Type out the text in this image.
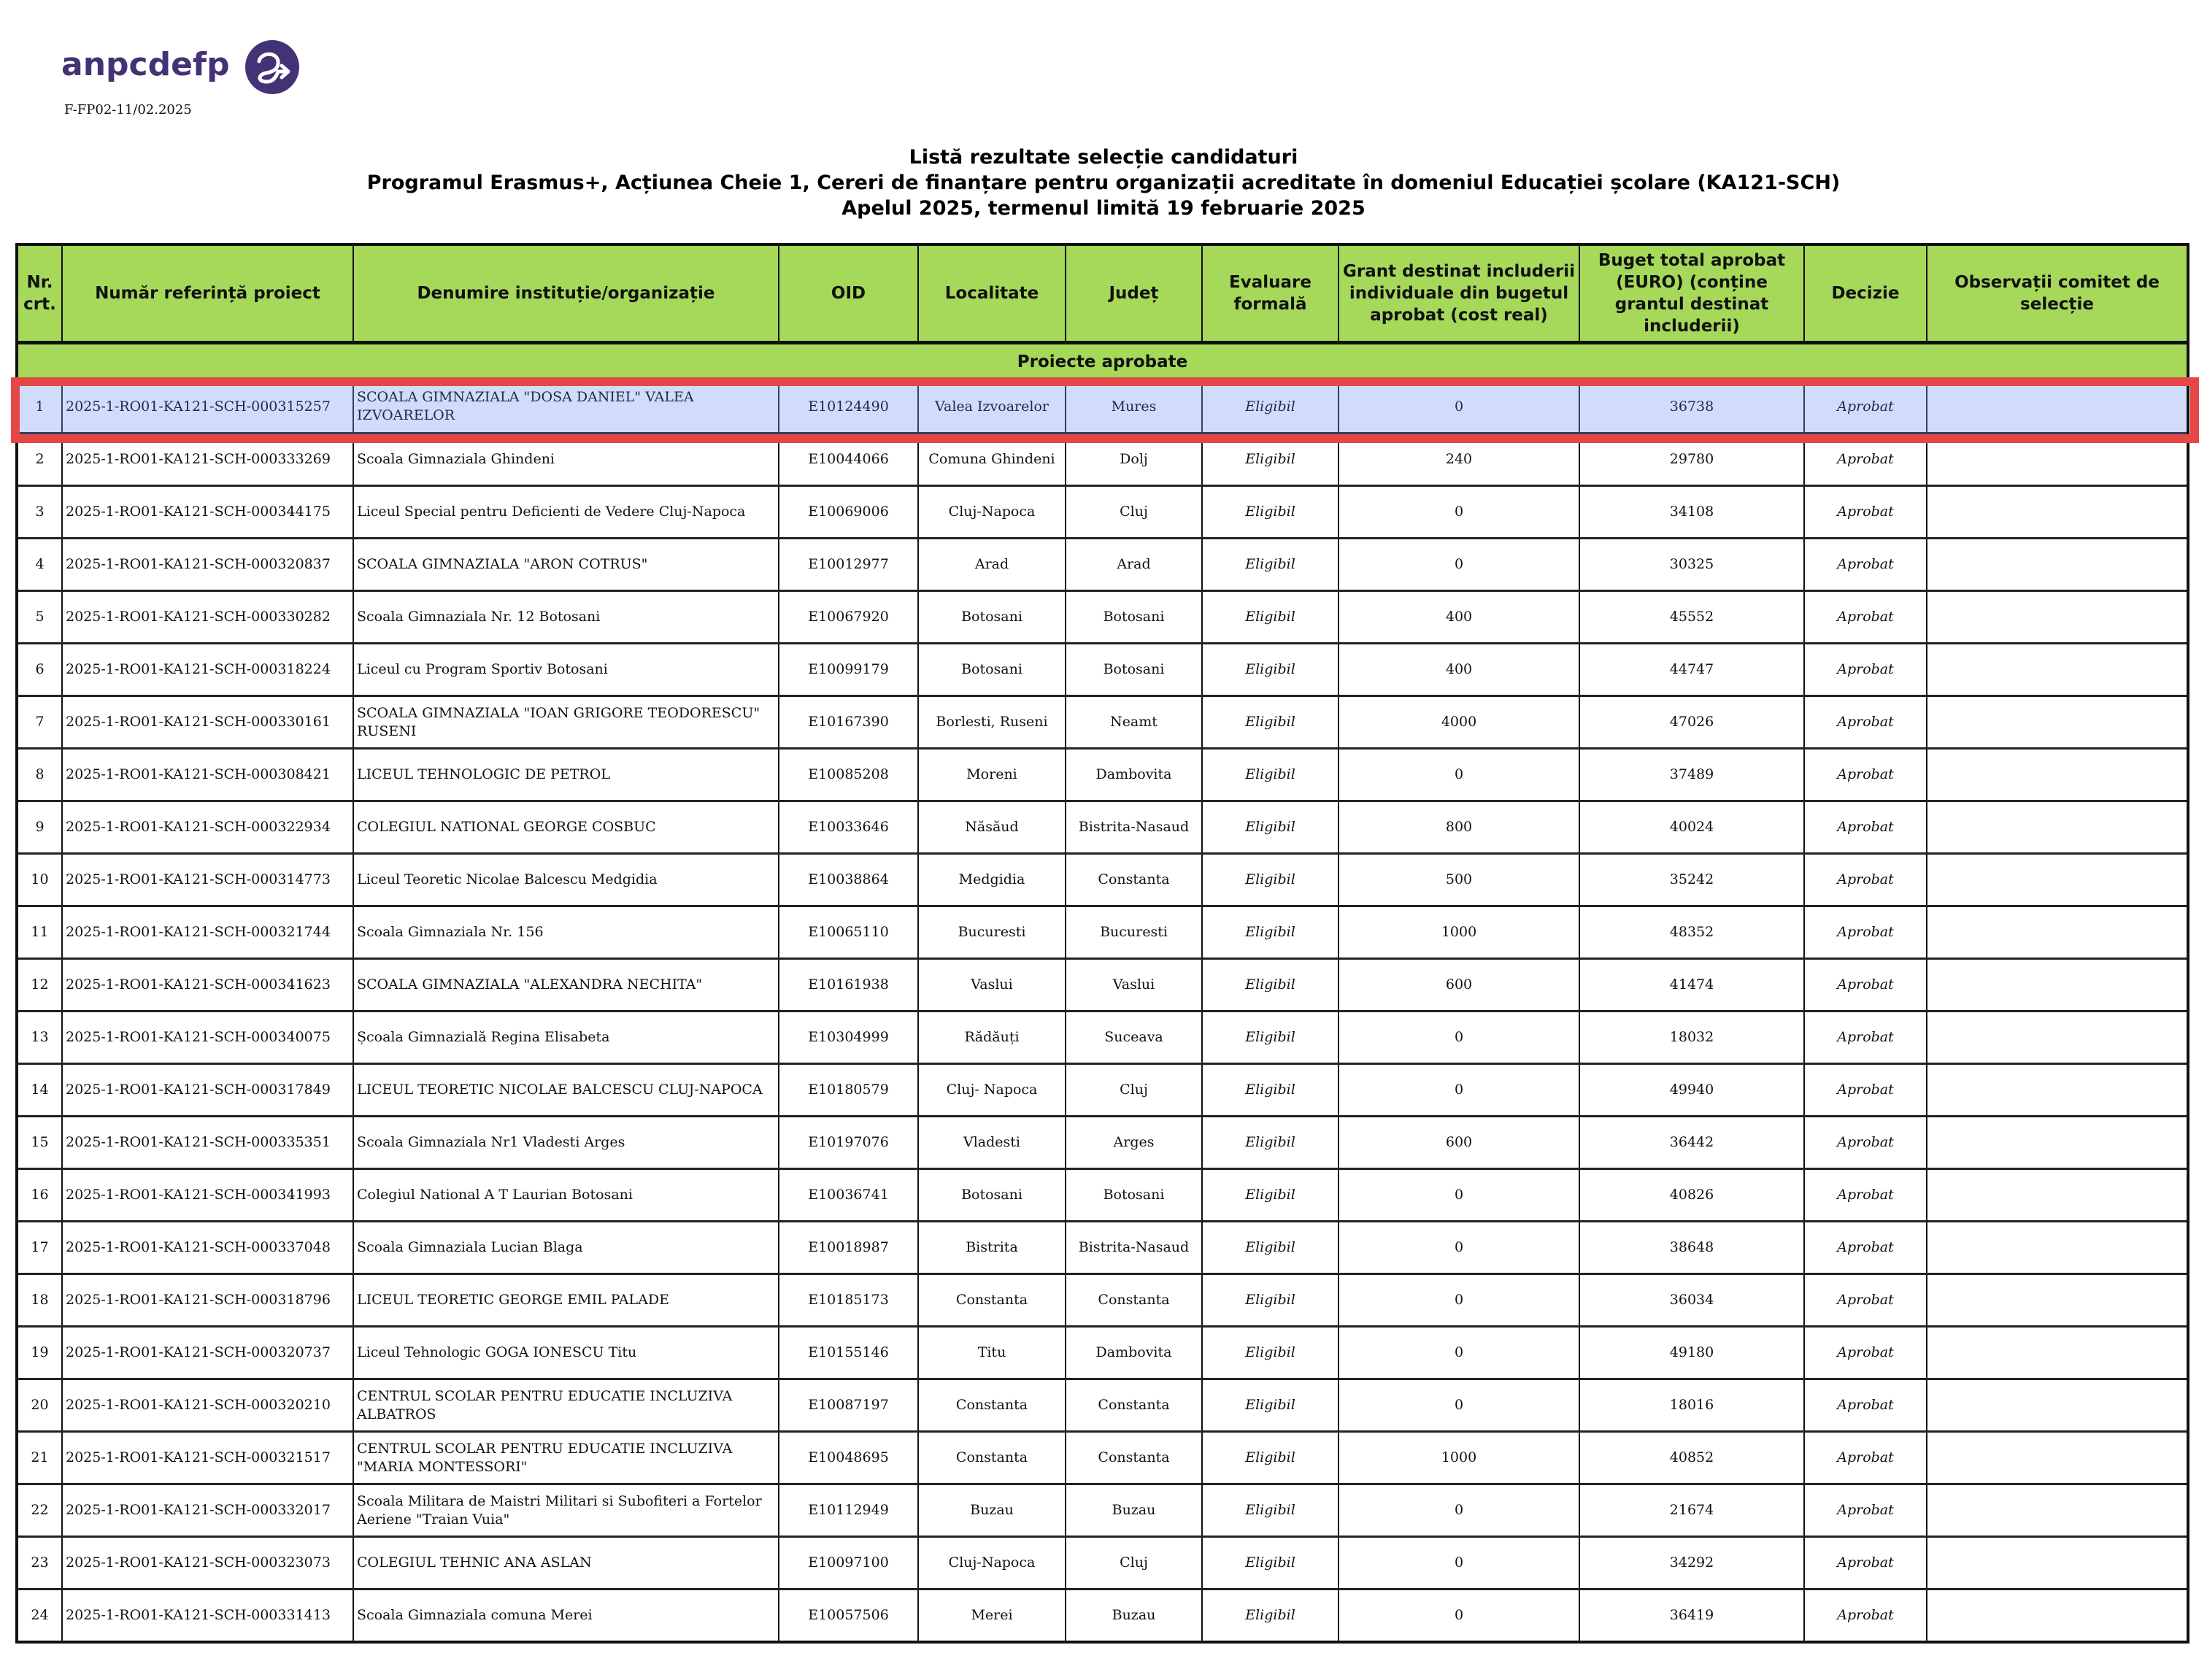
anpcdefp
F-FP02-11/02.2025
Listă rezultate selecție candidaturi
Programul Erasmus+, Acțiunea Cheie 1, Cereri de finanțare pentru organizații acreditate în domeniul Educației școlare (KA121-SCH)
Apelul 2025, termenul limită 19 februarie 2025
Nr. crt.	Număr referință proiect	Denumire instituție/organizație	OID	Localitate	Județ	Evaluare formală	Grant destinat includerii individuale din bugetul aprobat (cost real)	Buget total aprobat (EURO) (conține grantul destinat includerii)	Decizie	Observații comitet de selecție
Proiecte aprobate										
1	2025-1-RO01-KA121-SCH-000315257	SCOALA GIMNAZIALA "DOSA DANIEL" VALEA IZVOARELOR	E10124490	Valea Izvoarelor	Mures	Eligibil	0	36738	Aprobat	
2	2025-1-RO01-KA121-SCH-000333269	Scoala Gimnaziala Ghindeni	E10044066	Comuna Ghindeni	Dolj	Eligibil	240	29780	Aprobat	
3	2025-1-RO01-KA121-SCH-000344175	Liceul Special pentru Deficienti de Vedere Cluj-Napoca	E10069006	Cluj-Napoca	Cluj	Eligibil	0	34108	Aprobat	
4	2025-1-RO01-KA121-SCH-000320837	SCOALA GIMNAZIALA "ARON COTRUS"	E10012977	Arad	Arad	Eligibil	0	30325	Aprobat	
5	2025-1-RO01-KA121-SCH-000330282	Scoala Gimnaziala Nr. 12 Botosani	E10067920	Botosani	Botosani	Eligibil	400	45552	Aprobat	
6	2025-1-RO01-KA121-SCH-000318224	Liceul cu Program Sportiv Botosani	E10099179	Botosani	Botosani	Eligibil	400	44747	Aprobat	
7	2025-1-RO01-KA121-SCH-000330161	SCOALA GIMNAZIALA "IOAN GRIGORE TEODORESCU" RUSENI	E10167390	Borlesti, Ruseni	Neamt	Eligibil	4000	47026	Aprobat	
8	2025-1-RO01-KA121-SCH-000308421	LICEUL TEHNOLOGIC DE PETROL	E10085208	Moreni	Dambovita	Eligibil	0	37489	Aprobat	
9	2025-1-RO01-KA121-SCH-000322934	COLEGIUL NATIONAL GEORGE COSBUC	E10033646	Năsăud	Bistrita-Nasaud	Eligibil	800	40024	Aprobat	
10	2025-1-RO01-KA121-SCH-000314773	Liceul Teoretic Nicolae Balcescu Medgidia	E10038864	Medgidia	Constanta	Eligibil	500	35242	Aprobat	
11	2025-1-RO01-KA121-SCH-000321744	Scoala Gimnaziala Nr. 156	E10065110	Bucuresti	Bucuresti	Eligibil	1000	48352	Aprobat	
12	2025-1-RO01-KA121-SCH-000341623	SCOALA GIMNAZIALA "ALEXANDRA NECHITA"	E10161938	Vaslui	Vaslui	Eligibil	600	41474	Aprobat	
13	2025-1-RO01-KA121-SCH-000340075	Școala Gimnazială Regina Elisabeta	E10304999	Rădăuți	Suceava	Eligibil	0	18032	Aprobat	
14	2025-1-RO01-KA121-SCH-000317849	LICEUL TEORETIC NICOLAE BALCESCU CLUJ-NAPOCA	E10180579	Cluj- Napoca	Cluj	Eligibil	0	49940	Aprobat	
15	2025-1-RO01-KA121-SCH-000335351	Scoala Gimnaziala Nr1 Vladesti Arges	E10197076	Vladesti	Arges	Eligibil	600	36442	Aprobat	
16	2025-1-RO01-KA121-SCH-000341993	Colegiul National A T Laurian Botosani	E10036741	Botosani	Botosani	Eligibil	0	40826	Aprobat	
17	2025-1-RO01-KA121-SCH-000337048	Scoala Gimnaziala Lucian Blaga	E10018987	Bistrita	Bistrita-Nasaud	Eligibil	0	38648	Aprobat	
18	2025-1-RO01-KA121-SCH-000318796	LICEUL TEORETIC GEORGE EMIL PALADE	E10185173	Constanta	Constanta	Eligibil	0	36034	Aprobat	
19	2025-1-RO01-KA121-SCH-000320737	Liceul Tehnologic GOGA IONESCU Titu	E10155146	Titu	Dambovita	Eligibil	0	49180	Aprobat	
20	2025-1-RO01-KA121-SCH-000320210	CENTRUL SCOLAR PENTRU EDUCATIE INCLUZIVA ALBATROS	E10087197	Constanta	Constanta	Eligibil	0	18016	Aprobat	
21	2025-1-RO01-KA121-SCH-000321517	CENTRUL SCOLAR PENTRU EDUCATIE INCLUZIVA "MARIA MONTESSORI"	E10048695	Constanta	Constanta	Eligibil	1000	40852	Aprobat	
22	2025-1-RO01-KA121-SCH-000332017	Scoala Militara de Maistri Militari si Subofiteri a Fortelor Aeriene "Traian Vuia"	E10112949	Buzau	Buzau	Eligibil	0	21674	Aprobat	
23	2025-1-RO01-KA121-SCH-000323073	COLEGIUL TEHNIC ANA ASLAN	E10097100	Cluj-Napoca	Cluj	Eligibil	0	34292	Aprobat	
24	2025-1-RO01-KA121-SCH-000331413	Scoala Gimnaziala comuna Merei	E10057506	Merei	Buzau	Eligibil	0	36419	Aprobat	
